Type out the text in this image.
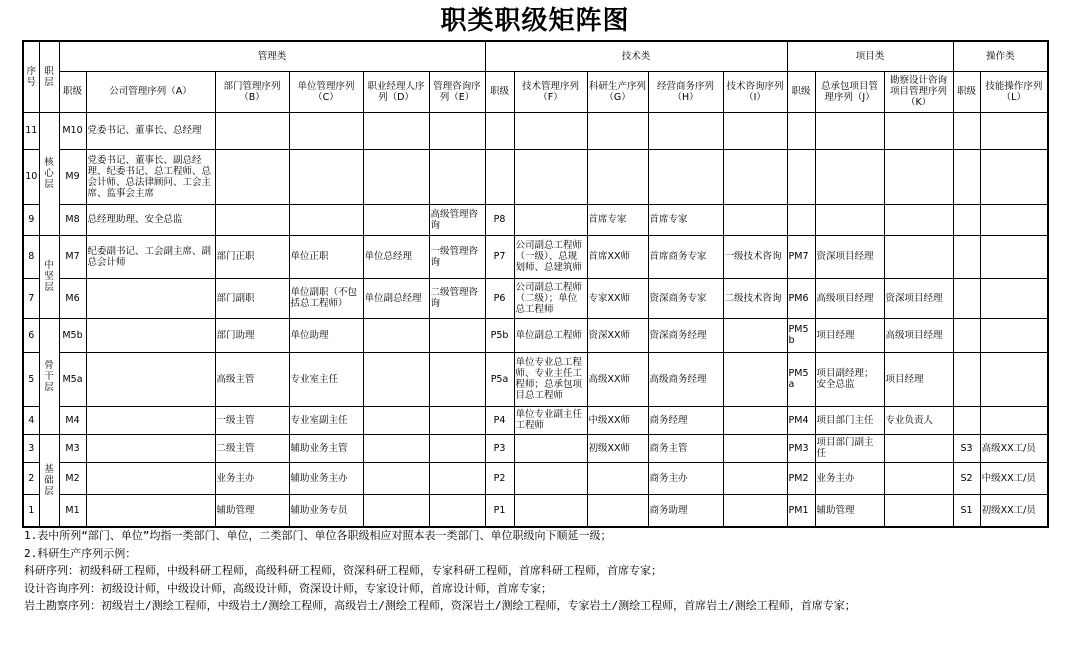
职类职级矩阵图
序号	职层	管理类						技术类					项目类			操作类	
		职级	公司管理序列（A）	部门管理序列（B）	单位管理序列（C）	职业经理人序列（D）	管理咨询序列（E）	职级	技术管理序列（F）	科研生产序列（G）	经营商务序列（H）	技术咨询序列（I）	职级	总承包项目管理序列（J）	勘察设计咨询项目管理序列（K）	职级	技能操作序列（L）
11	核心层	M10	党委书记、董事长、总经理														
10		M9	党委书记、董事长、副总经理、纪委书记、总工程师、总会计师、总法律顾问、工会主席、监事会主席														
9		M8	总经理助理、安全总监				高级管理咨询	P8		首席专家	首席专家						
8	中坚层	M7	纪委副书记、工会副主席、副总会计师	部门正职	单位正职	单位总经理	一级管理咨询	P7	公司副总工程师（一级）、总规划师、总建筑师	首席XX师	首席商务专家	一级技术咨询	PM7	资深项目经理			
7		M6		部门副职	单位副职（不包括总工程师）	单位副总经理	二级管理咨询	P6	公司副总工程师（二级）；单位总工程师	专家XX师	资深商务专家	二级技术咨询	PM6	高级项目经理	资深项目经理		
6	骨干层	M5b		部门助理	单位助理			P5b	单位副总工程师	资深XX师	资深商务经理		PM5b	项目经理	高级项目经理		
5		M5a		高级主管	专业室主任			P5a	单位专业总工程师、专业主任工程师；总承包项目总工程师	高级XX师	高级商务经理		PM5a	项目副经理；安全总监	项目经理		
4		M4		一级主管	专业室副主任			P4	单位专业副主任工程师	中级XX师	商务经理		PM4	项目部门主任	专业负责人		
3	基础层	M3		二级主管	辅助业务主管			P3		初级XX师	商务主管		PM3	项目部门副主任		S3	高级XX工/员
2		M2		业务主办	辅助业务主办			P2			商务主办		PM2	业务主办		S2	中级XX工/员
1		M1		辅助管理	辅助业务专员			P1			商务助理		PM1	辅助管理		S1	初级XX工/员
1.表中所列“部门、单位”均指一类部门、单位，二类部门、单位各职级相应对照本表一类部门、单位职级向下顺延一级；
2.科研生产序列示例：
科研序列：初级科研工程师，中级科研工程师，高级科研工程师，资深科研工程师，专家科研工程师，首席科研工程师，首席专家；
设计咨询序列：初级设计师，中级设计师，高级设计师，资深设计师，专家设计师，首席设计师，首席专家；
岩土勘察序列：初级岩土/测绘工程师，中级岩土/测绘工程师，高级岩土/测绘工程师，资深岩土/测绘工程师，专家岩土/测绘工程师，首席岩土/测绘工程师，首席专家；
